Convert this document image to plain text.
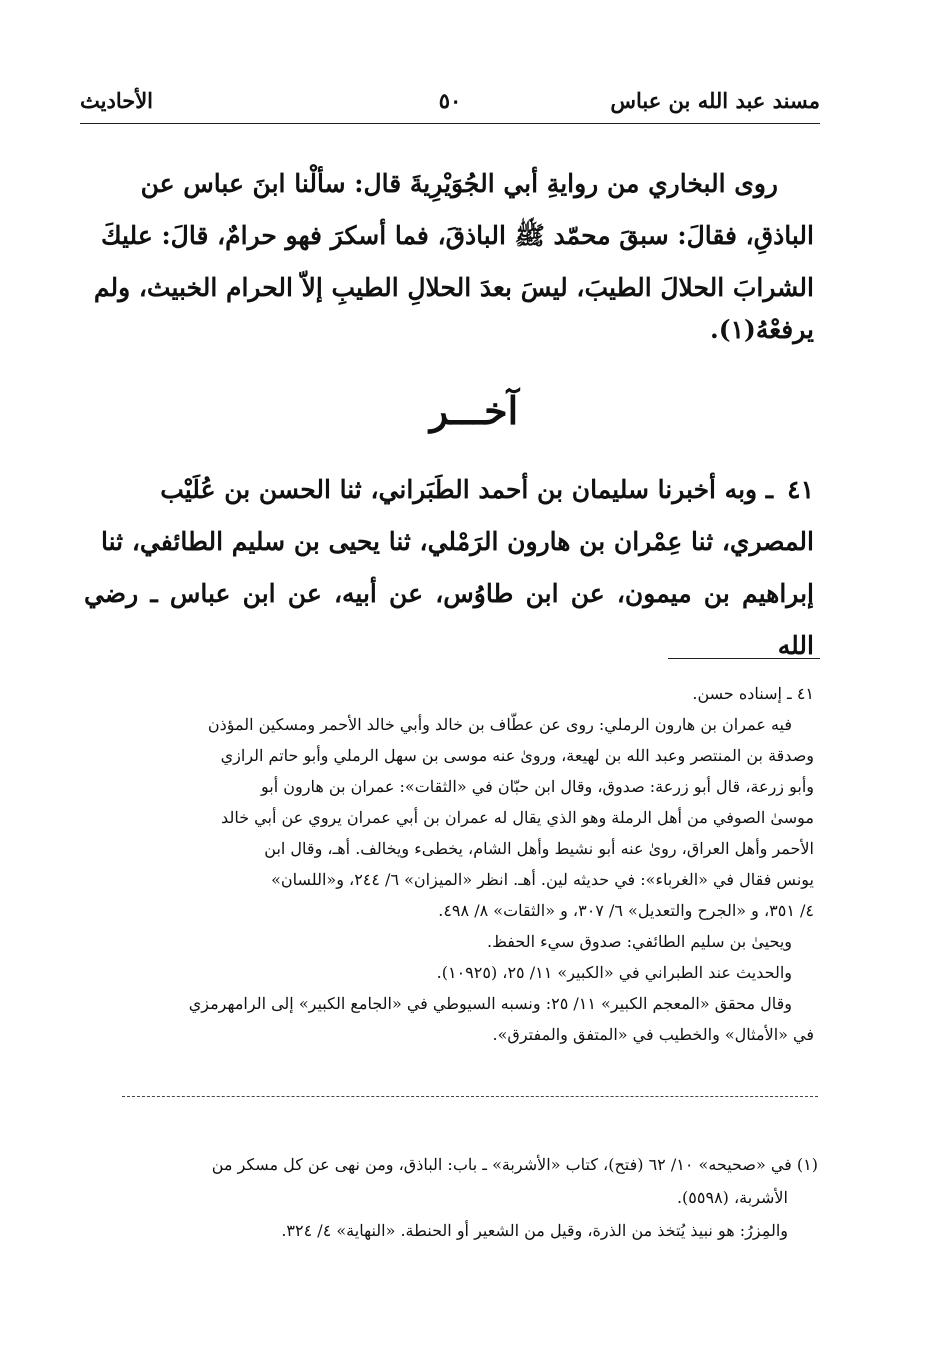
مسند عبد الله بن عباس
٥٠
الأحاديث
روى البخاري من روايةِ أبي الجُوَيْرِيةَ قال: سألْنا ابنَ عباس عن
الباذقِ، فقالَ: سبقَ محمّد ﷺ الباذقَ، فما أسكرَ فهو حرامٌ، قالَ: عليكَ
الشرابَ الحلالَ الطيبَ، ليسَ بعدَ الحلالِ الطيبِ إلاّ الحرام الخبيث، ولم
يرفعْهُ(١).
آخـــر
٤١ـ وبه أخبرنا سليمان بن أحمد الطَبَراني، ثنا الحسن بن عُلَيْب
المصري، ثنا عِمْران بن هارون الرَمْلي، ثنا يحيى بن سليم الطائفي، ثنا
إبراهيم بن ميمون، عن ابن طاوُس، عن أبيه، عن ابن عباس ـ رضي الله
٤١ ـ إسناده حسن.
فيه عمران بن هارون الرملي: روى عن عطّاف بن خالد وأبي خالد الأحمر ومسكين المؤذن
وصدقة بن المنتصر وعبد الله بن لهيعة، وروىٰ عنه موسى بن سهل الرملي وأبو حاتم الرازي
وأبو زرعة، قال أبو زرعة: صدوق، وقال ابن حبّان في «الثقات»: عمران بن هارون أبو
موسىٰ الصوفي من أهل الرملة وهو الذي يقال له عمران بن أبي عمران يروي عن أبي خالد
الأحمر وأهل العراق، روىٰ عنه أبو نشيط وأهل الشام، يخطىء ويخالف. أهـ، وقال ابن
يونس فقال في «الغرباء»: في حديثه لين. أهـ. انظر «الميزان» ٦/ ٢٤٤، و«اللسان»
٤/ ٣٥١، و «الجرح والتعديل» ٦/ ٣٠٧، و «الثقات» ٨/ ٤٩٨.
ويحيىٰ بن سليم الطائفي: صدوق سيء الحفظ.
والحديث عند الطبراني في «الكبير» ١١/ ٢٥، (١٠٩٢٥).
وقال محقق «المعجم الكبير» ١١/ ٢٥: ونسبه السيوطي في «الجامع الكبير» إلى الرامهرمزي
في «الأمثال» والخطيب في «المتفق والمفترق».
(١) في «صحيحه» ١٠/ ٦٢ (فتح)، كتاب «الأشربة» ـ باب: الباذق، ومن نهى عن كل مسكر من
الأشربة، (٥٥٩٨).
والمِزرُ: هو نبيذ يُتخذ من الذرة، وقيل من الشعير أو الحنطة. «النهاية» ٤/ ٣٢٤.
